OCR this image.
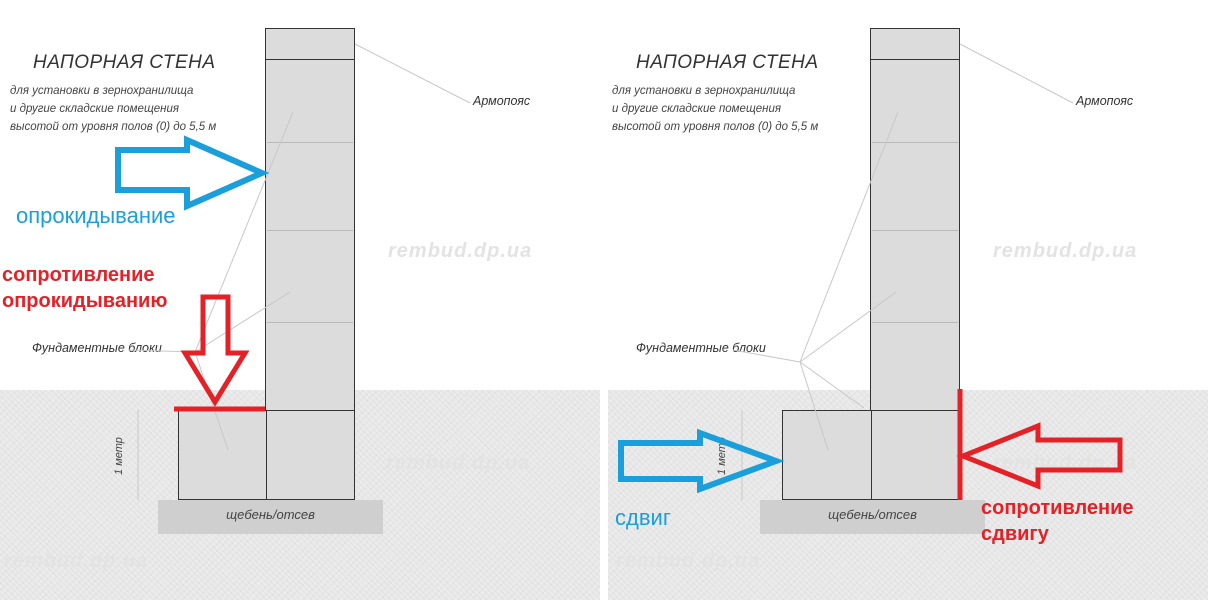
rembud.dp.ua
rembud.dp.ua
rembud.dp.ua
щебень/отсев
НАПОРНАЯ СТЕНА
для установки в зернохранилища
и другие складские помещения
высотой от уровня полов (0) до 5,5 м
Армопояс
Фундаментные блоки
1 метр
опрокидывание
сопротивление
опрокидыванию
rembud.dp.ua
rembud.dp.ua
rembud.dp.ua
щебень/отсев
НАПОРНАЯ СТЕНА
для установки в зернохранилища
и другие складские помещения
высотой от уровня полов (0) до 5,5 м
Армопояс
Фундаментные блоки
1 метр
сдвиг	сопротивление
сдвигу
